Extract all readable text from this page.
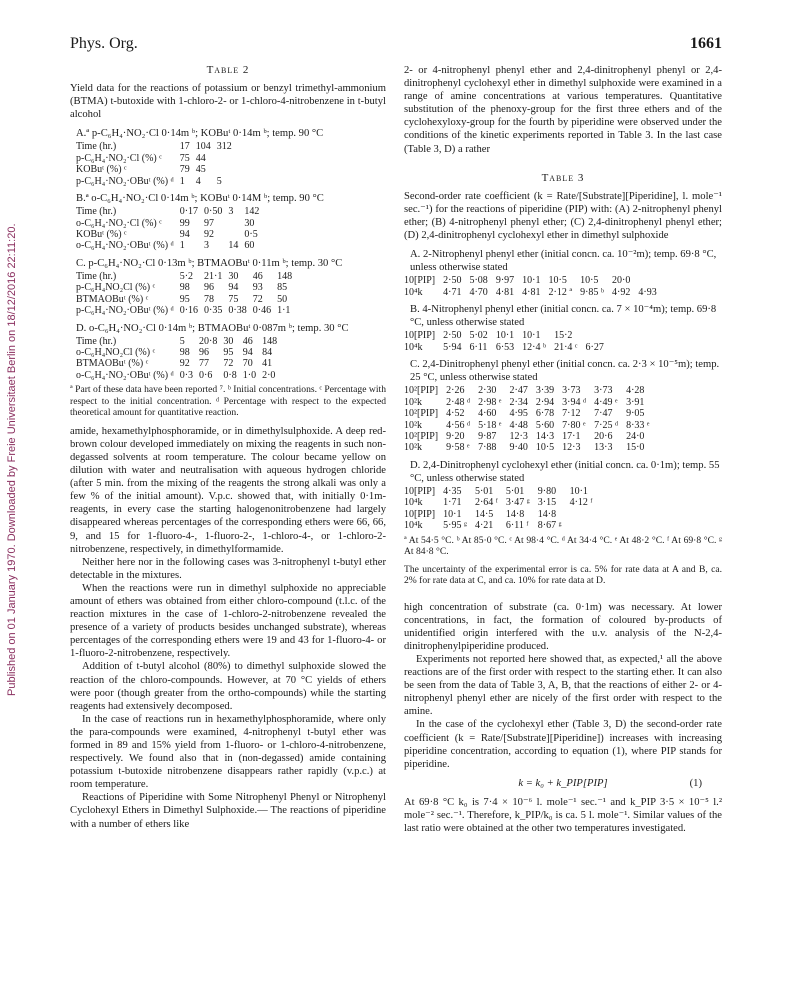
Published on 01 January 1970. Downloaded by Freie Universitaet Berlin on 18/12/2016 22:11:20.
Phys. Org.	1661
Table 2

Yield data for the reactions of potassium or benzyl trimethyl-ammonium (BTMA) t-butoxide with 1-chloro-2- or 1-chloro-4-nitrobenzene in t-butyl alcohol

A.ª p-C₆H₄·NO₂·Cl 0·14m ᵇ; KOBuᵗ 0·14m ᵇ; temp. 90 °C
Time (hr.)	17	104	312			
p-C₆H₄·NO₂·Cl (%) ᶜ	75	44				
KOBuᵗ (%) ᶜ	79	45				
p-C₆H₄·NO₂·OBuᵗ (%) ᵈ	1	4	5			
B.ª o-C₆H₄·NO₂·Cl 0·14m ᵇ; KOBuᵗ 0·14M ᵇ; temp. 90 °C
Time (hr.)	0·17	0·50	3	142		
o-C₆H₄·NO₂·Cl (%) ᶜ	99	97		30		
KOBuᵗ (%) ᶜ	94	92		0·5		
o-C₆H₄·NO₂·OBuᵗ (%) ᵈ	1	3	14	60		
C. p-C₆H₄·NO₂·Cl 0·13m ᵇ; BTMAOBuᵗ 0·11m ᵇ; temp. 30 °C
Time (hr.)	5·2	21·1	30	46	148	
p-C₆H₄NO₂Cl (%) ᶜ	98	96	94	93	85	
BTMAOBuᵗ (%) ᶜ	95	78	75	72	50	
p-C₆H₄·NO₂·OBuᵗ (%) ᵈ	0·16	0·35	0·38	0·46	1·1	
D. o-C₆H₄·NO₂·Cl 0·14m ᵇ; BTMAOBuᵗ 0·087m ᵇ; temp. 30 °C
Time (hr.)	5	20·8	30	46	148	
o-C₆H₄NO₂Cl (%) ᶜ	98	96	95	94	84	
BTMAOBuᵗ (%) ᶜ	92	77	72	70	41	
o-C₆H₄·NO₂·OBuᵗ (%) ᵈ	0·3	0·6	0·8	1·0	2·0	

ª Part of these data have been reported ⁷. ᵇ Initial concentrations. ᶜ Percentage with respect to the initial concentration. ᵈ Percentage with respect to the expected theoretical amount for quantitative reaction.

amide, hexamethylphosphoramide, or in dimethylsulphoxide. A deep red-brown colour developed immediately on mixing the reagents in such non-degassed solvents at room temperature. The colour became yellow on dilution with water and neutralisation with aqueous hydrogen chloride (after 5 min. from the mixing of the reagents the strong alkali was only a few % of the initial amount). V.p.c. showed that, with initially 0·1m-reagents, in every case the starting halogenonitrobenzene had largely disappeared whereas percentages of the corresponding ethers were 66, 66, 9, and 15 for 1-fluoro-4-, 1-fluoro-2-, 1-chloro-4-, or 1-chloro-2-nitrobenzene, respectively, in dimethylformamide.

Neither here nor in the following cases was 3-nitrophenyl t-butyl ether detectable in the mixtures.

When the reactions were run in dimethyl sulphoxide no appreciable amount of ethers was obtained from either chloro-compound (t.l.c. of the reaction mixtures in the case of 1-chloro-2-nitrobenzene revealed the presence of a variety of products besides unchanged substrate), whereas percentages of the corresponding ethers were 19 and 43 for 1-fluoro-4- or 1-fluoro-2-nitrobenzene, respectively.

Addition of t-butyl alcohol (80%) to dimethyl sulphoxide slowed the reaction of the chloro-compounds. However, at 70 °C yields of ethers were poor (though greater from the ortho-compounds) while the starting reagents had extensively decomposed.

In the case of reactions run in hexamethylphosphoramide, where only the para-compounds were examined, 4-nitrophenyl t-butyl ether was formed in 89 and 15% yield from 1-fluoro- or 1-chloro-4-nitrobenzene, respectively. We found also that in (non-degassed) amide containing potassium t-butoxide nitrobenzene disappears rather rapidly (v.p.c.) at room temperature.

Reactions of Piperidine with Some Nitrophenyl Phenyl or Nitrophenyl Cyclohexyl Ethers in Dimethyl Sulphoxide.— The reactions of piperidine with a number of ethers like

2- or 4-nitrophenyl phenyl ether and 2,4-dinitrophenyl phenyl or 2,4-dinitrophenyl cyclohexyl ether in dimethyl sulphoxide were examined in a range of amine concentrations at various temperatures. Quantitative substitution of the phenoxy-group for the first three ethers and of the cyclohexyloxy-group for the fourth by piperidine were observed under the conditions of the kinetic experiments reported in Table 3. In the last case (Table 3, D) a rather

Table 3

Second-order rate coefficient (k = Rate/[Substrate][Piperidine], l. mole⁻¹ sec.⁻¹) for the reactions of piperidine (PIP) with: (A) 2-nitrophenyl phenyl ether; (B) 4-nitrophenyl phenyl ether; (C) 2,4-dinitrophenyl phenyl ether; (D) 2,4-dinitrophenyl cyclohexyl ether in dimethyl sulphoxide

A. 2-Nitrophenyl phenyl ether (initial concn. ca. 10⁻²m); temp. 69·8 °C, unless otherwise stated
10[PIP]	2·50	5·08	9·97	10·1	10·5	10·5	20·0	
10⁴k	4·71	4·70	4·81	4·81	2·12 ª	9·85 ᵇ	4·92	4·93
B. 4-Nitrophenyl phenyl ether (initial concn. ca. 7 × 10⁻⁴m); temp. 69·8 °C, unless otherwise stated
10[PIP]	2·50	5·02	10·1	10·1	15·2	
10⁴k	5·94	6·11	6·53	12·4 ᵇ	21·4 ᶜ	6·27
C. 2,4-Dinitrophenyl phenyl ether (initial concn. ca. 2·3 × 10⁻⁵m); temp. 25 °C, unless otherwise stated
10²[PIP]	2·26	2·30	2·47	3·39	3·73	3·73	4·28
10²k	2·48 ᵈ	2·98 ᵉ	2·34	2·94	3·94 ᵈ	4·49 ᵉ	3·91
10²[PIP]	4·52	4·60	4·95	6·78	7·12	7·47	9·05
10²k	4·56 ᵈ	5·18 ᵉ	4·48	5·60	7·80 ᵉ	7·25 ᵈ	8·33 ᵉ
10²[PIP]	9·20	9·87	12·3	14·3	17·1	20·6	24·0
10²k	9·58 ᵉ	7·88	9·40	10·5	12·3	13·3	15·0
D. 2,4-Dinitrophenyl cyclohexyl ether (initial concn. ca. 0·1m); temp. 55 °C, unless otherwise stated
10[PIP]	4·35	5·01	5·01	9·80	10·1
10⁴k	1·71	2·64 ᶠ	3·47 ᵍ	3·15	4·12 ᶠ
10[PIP]	10·1	14·5	14·8	14·8	
10⁴k	5·95 ᵍ	4·21	6·11 ᶠ	8·67 ᵍ	

ª At 54·5 °C. ᵇ At 85·0 °C. ᶜ At 98·4 °C. ᵈ At 34·4 °C. ᵉ At 48·2 °C. ᶠ At 69·8 °C. ᵍ At 84·8 °C.

The uncertainty of the experimental error is ca. 5% for rate data at A and B, ca. 2% for rate data at C, and ca. 10% for rate data at D.

high concentration of substrate (ca. 0·1m) was necessary. At lower concentrations, in fact, the formation of coloured by-products of unidentified origin interfered with the u.v. analysis of the N-2,4-dinitrophenylpiperidine produced.

Experiments not reported here showed that, as expected,¹ all the above reactions are of the first order with respect to the starting ether. It can also be seen from the data of Table 3, A, B, that the reactions of either 2- or 4-nitrophenyl phenyl ether are nicely of the first order with respect to the amine.

In the case of the cyclohexyl ether (Table 3, D) the second-order rate coefficient (k = Rate/[Substrate][Piperidine]) increases with increasing piperidine concentration, according to equation (1), where PIP stands for piperidine.

k = k₀ + k_PIP[PIP]	(1)

At 69·8 °C k₀ is 7·4 × 10⁻⁶ l. mole⁻¹ sec.⁻¹ and k_PIP 3·5 × 10⁻⁵ l.² mole⁻² sec.⁻¹. Therefore, k_PIP/k₀ is ca. 5 l. mole⁻¹. Similar values of the last ratio were obtained at the other two temperatures investigated.
